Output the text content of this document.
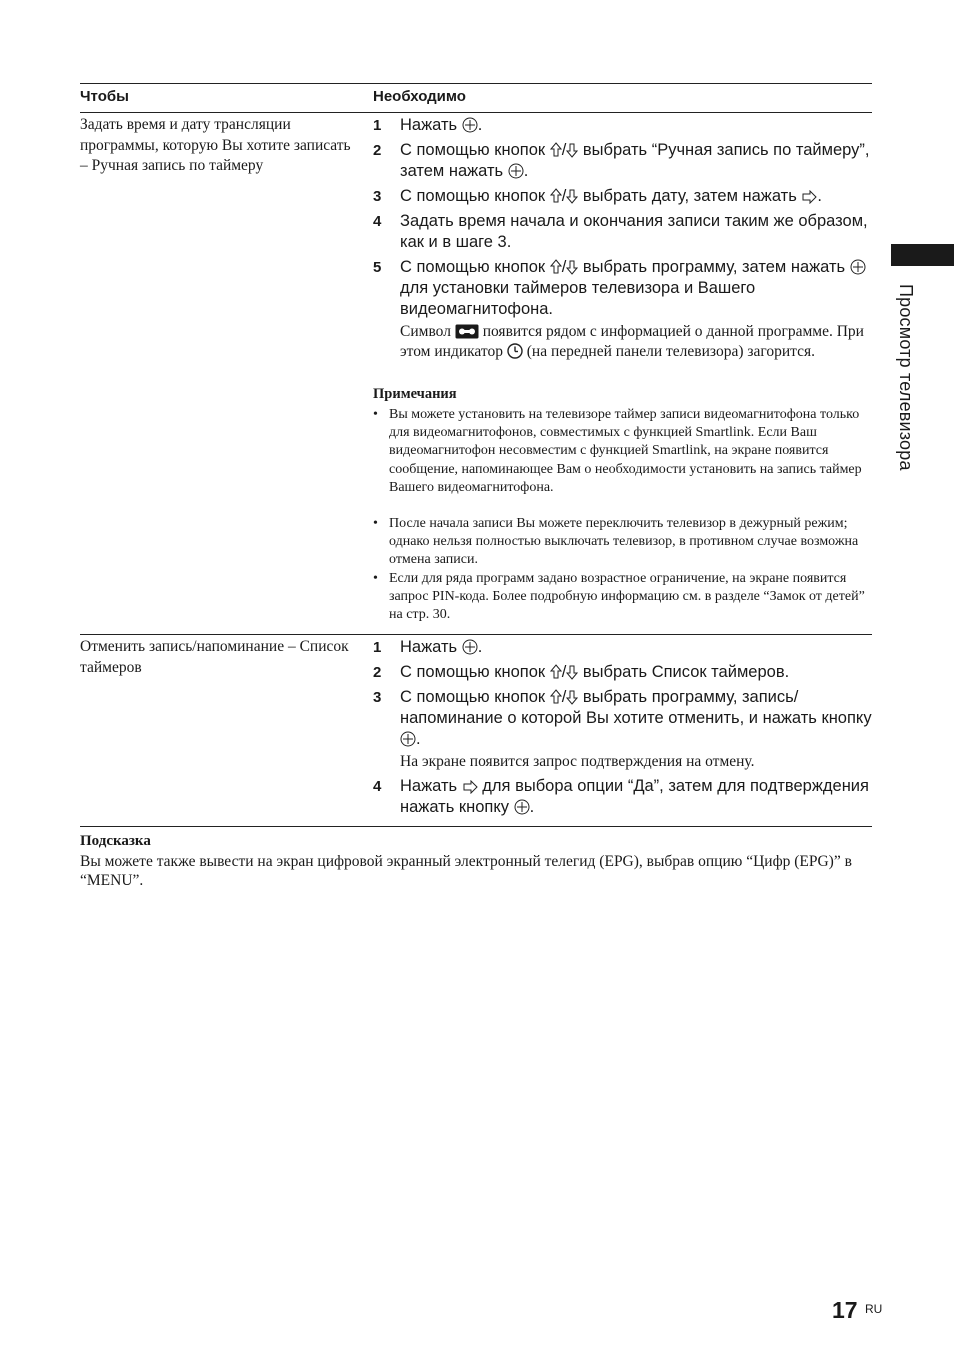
Чтобы	Необходимо
Задать время и дату трансляции программы, которую Вы хотите записать – Ручная запись по таймеру
1 Нажать .
2 С помощью кнопок / выбрать “Ручная запись по таймеру”, затем нажать .
3 С помощью кнопок / выбрать дату, затем нажать .
4 Задать время начала и окончания записи таким же образом, как и в шаге 3.
5 С помощью кнопок / выбрать программу, затем нажать  для установки таймеров телевизора и Вашего видеомагнитофона.
Символ появится рядом с информацией о данной программе. При этом индикатор (на передней панели телевизора) загорится.
Примечания
• Вы можете установить на телевизоре таймер записи видеомагнитофона только для видеомагнитофонов, совместимых с функцией Smartlink. Если Ваш видеомагнитофон несовместим с функцией Smartlink, на экране появится сообщение, напоминающее Вам о необходимости установить на запись таймер Вашего видеомагнитофона.
• После начала записи Вы можете переключить телевизор в дежурный режим; однако нельзя полностью выключать телевизор, в противном случае возможна отмена записи.
• Если для ряда программ задано возрастное ограничение, на экране появится запрос PIN-кода. Более подробную информацию см. в разделе “Замок от детей” на стр. 30.
Отменить запись/напоминание – Список таймеров
1 Нажать .
2 С помощью кнопок / выбрать Список таймеров.
3 С помощью кнопок / выбрать программу, запись/ напоминание о которой Вы хотите отменить, и нажать кнопку .
На экране появится запрос подтверждения на отмену.
4 Нажать для выбора опции “Да”, затем для подтверждения нажать кнопку .
Подсказка
Вы можете также вывести на экран цифровой экранный электронный телегид (EPG), выбрав опцию “Цифр (EPG)” в “MENU”.
Просмотр телевизора
17 RU
